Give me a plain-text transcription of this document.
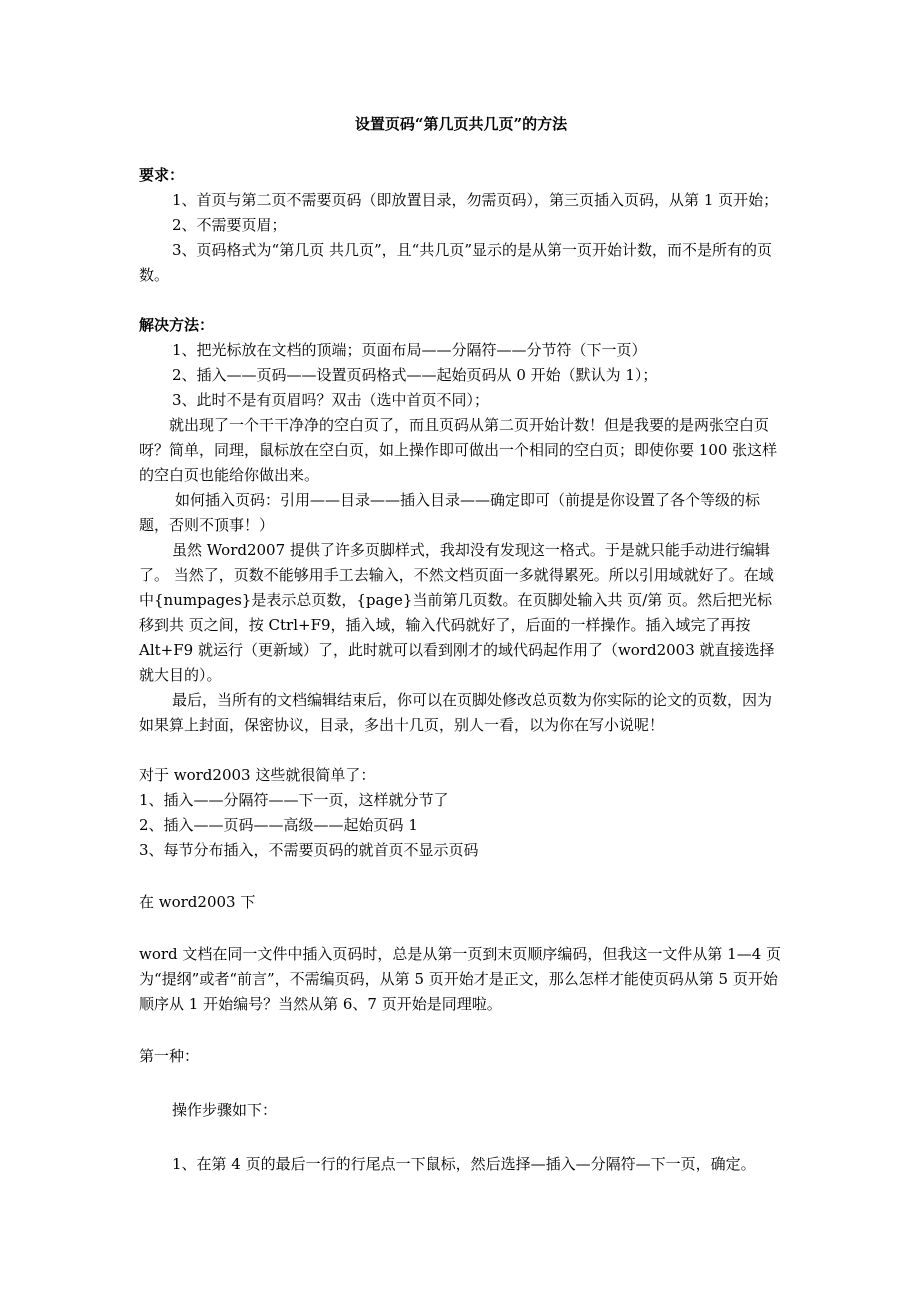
设置页码“第几页共几页”的方法

要求：

1、首页与第二页不需要页码（即放置目录，勿需页码），第三页插入页码，从第 1 页开始；

2、不需要页眉；

3、页码格式为“第几页 共几页”，且“共几页”显示的是从第一页开始计数，而不是所有的页数。

解决方法：

1、把光标放在文档的顶端；页面布局——分隔符——分节符（下一页）

2、插入——页码——设置页码格式——起始页码从 0 开始（默认为 1）；

3、此时不是有页眉吗？双击（选中首页不同）；

就出现了一个干干净净的空白页了，而且页码从第二页开始计数！但是我要的是两张空白页呀？简单，同理，鼠标放在空白页，如上操作即可做出一个相同的空白页；即使你要 100 张这样的空白页也能给你做出来。

如何插入页码：引用——目录——插入目录——确定即可（前提是你设置了各个等级的标题，否则不顶事！）

虽然 Word2007 提供了许多页脚样式，我却没有发现这一格式。于是就只能手动进行编辑了。 当然了，页数不能够用手工去输入，不然文档页面一多就得累死。所以引用域就好了。在域中{numpages}是表示总页数，{page}当前第几页数。在页脚处输入共 页/第 页。然后把光标移到共 页之间，按 Ctrl+F9，插入域，输入代码就好了，后面的一样操作。插入域完了再按 Alt+F9 就运行（更新域）了，此时就可以看到刚才的域代码起作用了（word2003 就直接选择就大目的）。

最后，当所有的文档编辑结束后，你可以在页脚处修改总页数为你实际的论文的页数，因为如果算上封面，保密协议，目录，多出十几页，别人一看，以为你在写小说呢！

对于 word2003 这些就很简单了：

1、插入——分隔符——下一页，这样就分节了

2、插入——页码——高级——起始页码 1

3、每节分布插入，不需要页码的就首页不显示页码

在 word2003 下

word 文档在同一文件中插入页码时，总是从第一页到末页顺序编码，但我这一文件从第 1—4 页为“提纲”或者“前言”，不需编页码，从第 5 页开始才是正文，那么怎样才能使页码从第 5 页开始顺序从 1 开始编号？当然从第 6、7 页开始是同理啦。

第一种：

操作步骤如下：

1、在第 4 页的最后一行的行尾点一下鼠标，然后选择—插入—分隔符—下一页，确定。
